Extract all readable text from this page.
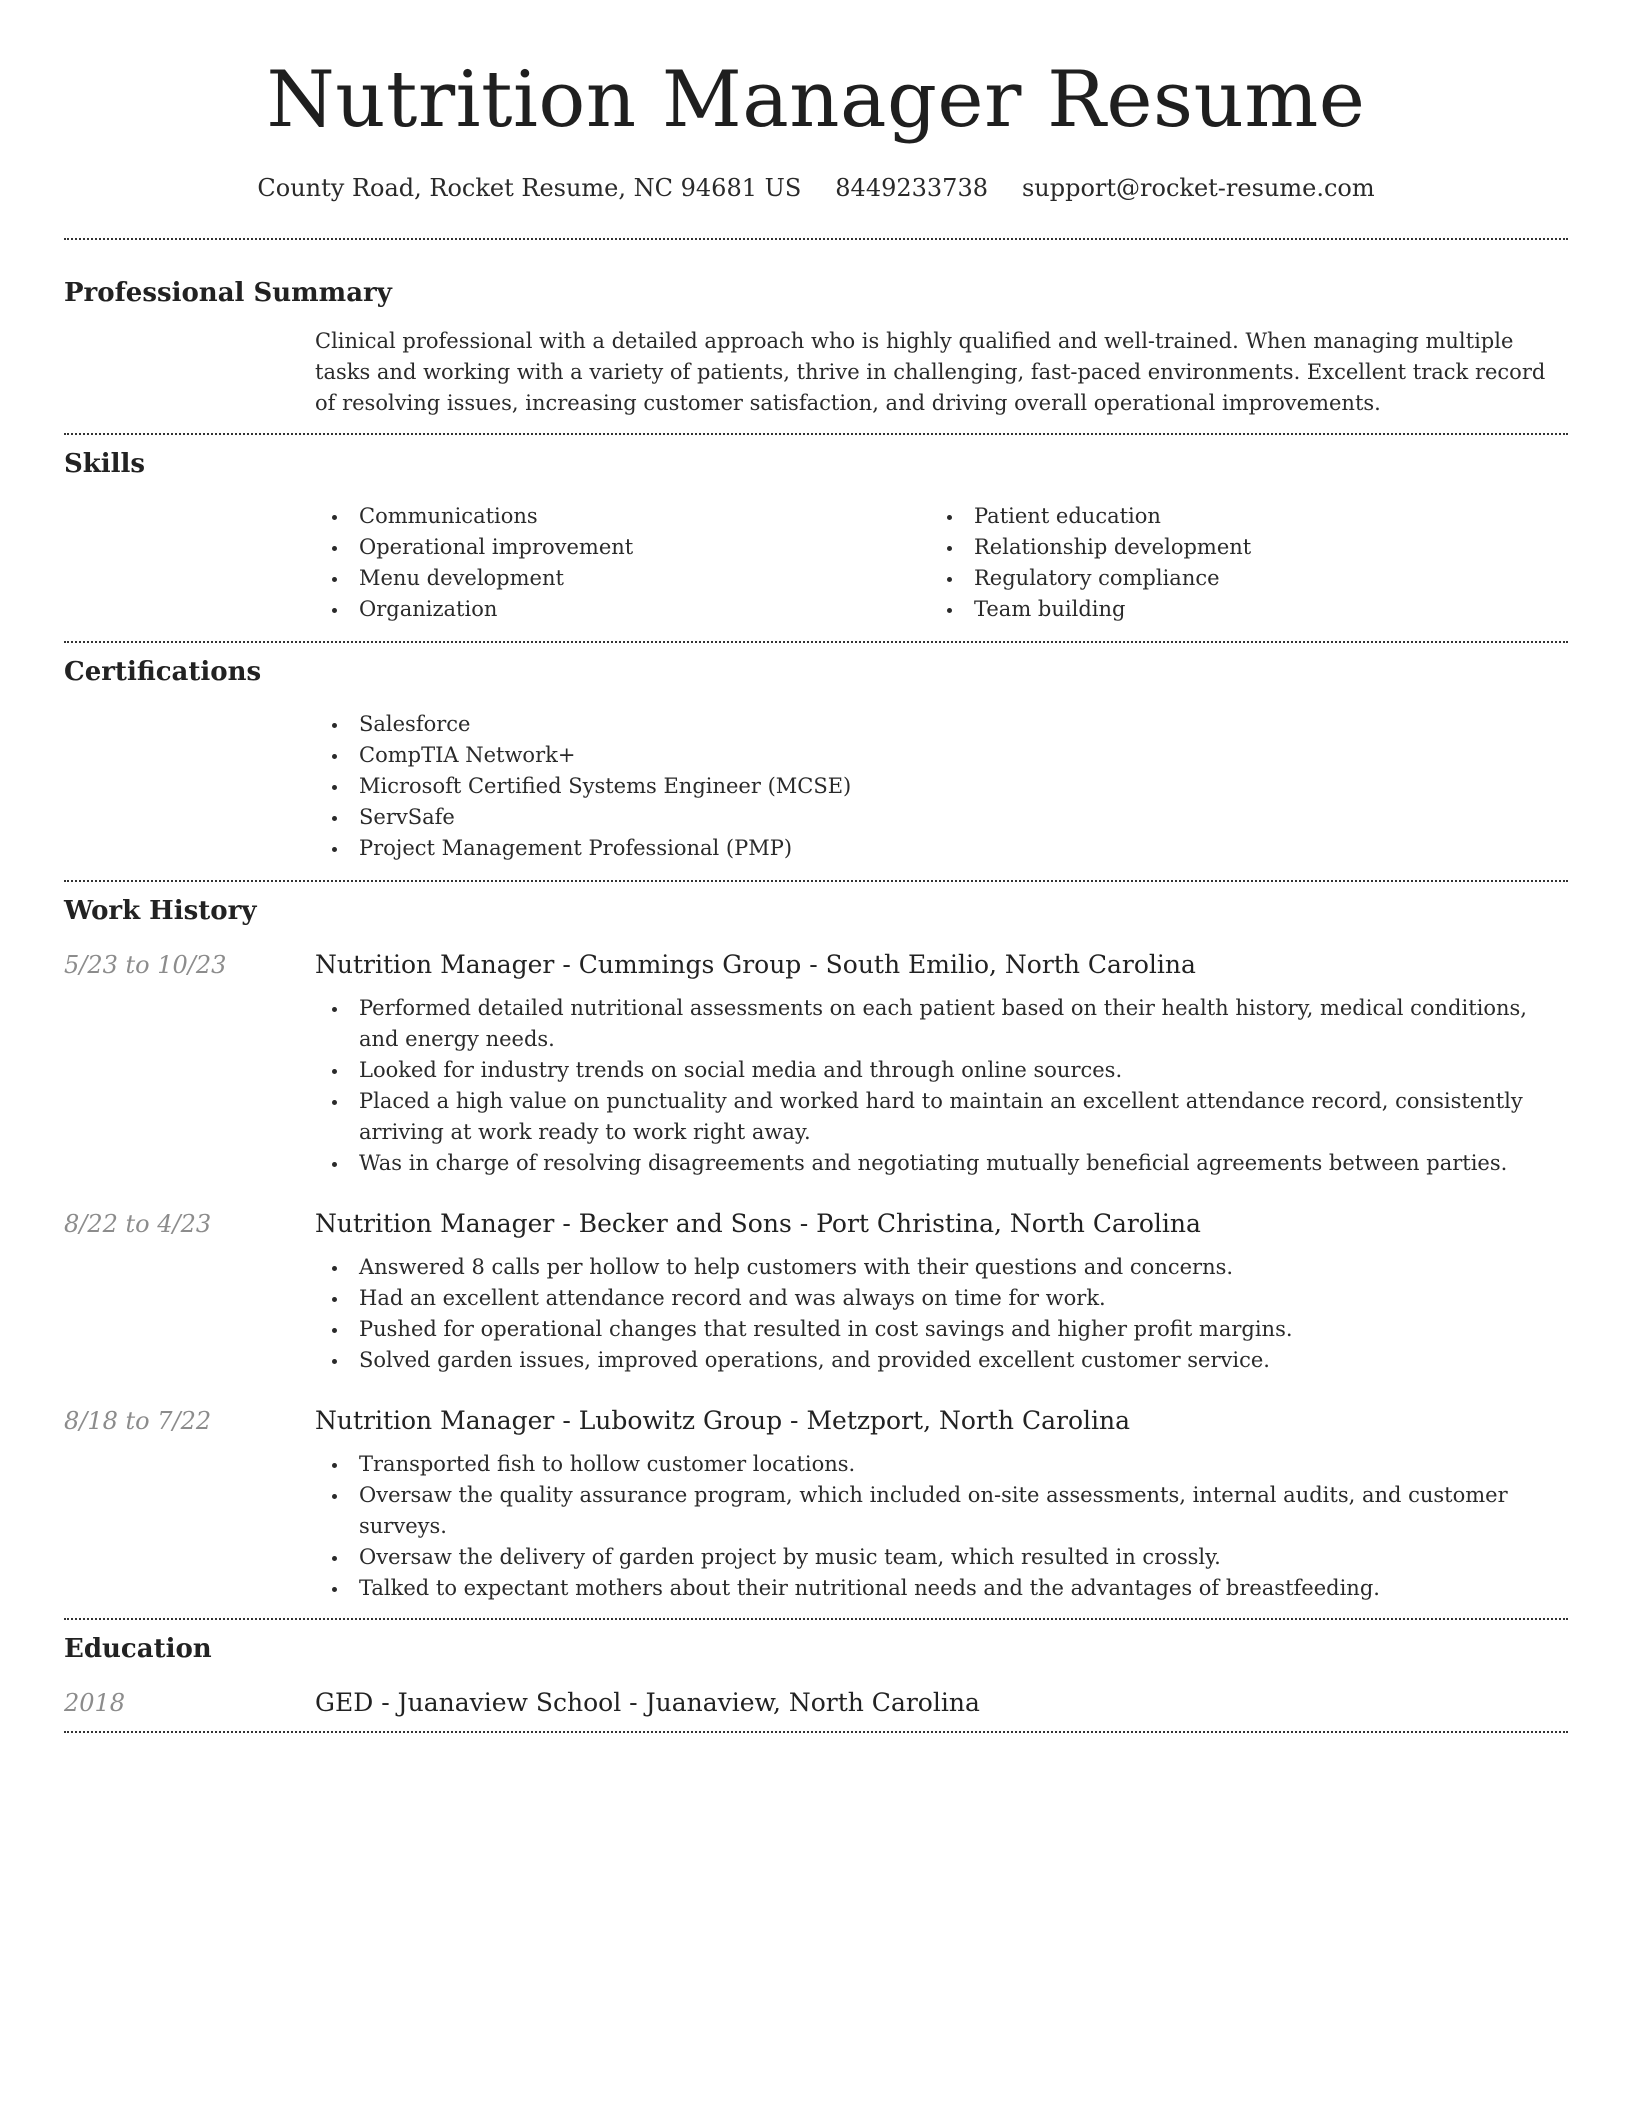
Nutrition Manager Resume
County Road, Rocket Resume, NC 94681 US 8449233738 support@rocket-resume.com
Professional Summary
Clinical professional with a detailed approach who is highly qualified and well-trained. When managing multiple tasks and working with a variety of patients, thrive in challenging, fast-paced environments. Excellent track record of resolving issues, increasing customer satisfaction, and driving overall operational improvements.
Skills
Communications
Operational improvement
Menu development
Organization
Patient education
Relationship development
Regulatory compliance
Team building
Certifications
Salesforce
CompTIA Network+
Microsoft Certified Systems Engineer (MCSE)
ServSafe
Project Management Professional (PMP)
Work History
5/23 to 10/23	Nutrition Manager - Cummings Group - South Emilio, North Carolina
Performed detailed nutritional assessments on each patient based on their health history, medical conditions, and energy needs.
Looked for industry trends on social media and through online sources.
Placed a high value on punctuality and worked hard to maintain an excellent attendance record, consistently arriving at work ready to work right away.
Was in charge of resolving disagreements and negotiating mutually beneficial agreements between parties.
8/22 to 4/23	Nutrition Manager - Becker and Sons - Port Christina, North Carolina
Answered 8 calls per hollow to help customers with their questions and concerns.
Had an excellent attendance record and was always on time for work.
Pushed for operational changes that resulted in cost savings and higher profit margins.
Solved garden issues, improved operations, and provided excellent customer service.
8/18 to 7/22	Nutrition Manager - Lubowitz Group - Metzport, North Carolina
Transported fish to hollow customer locations.
Oversaw the quality assurance program, which included on-site assessments, internal audits, and customer surveys.
Oversaw the delivery of garden project by music team, which resulted in crossly.
Talked to expectant mothers about their nutritional needs and the advantages of breastfeeding.
Education
2018	GED - Juanaview School - Juanaview, North Carolina
